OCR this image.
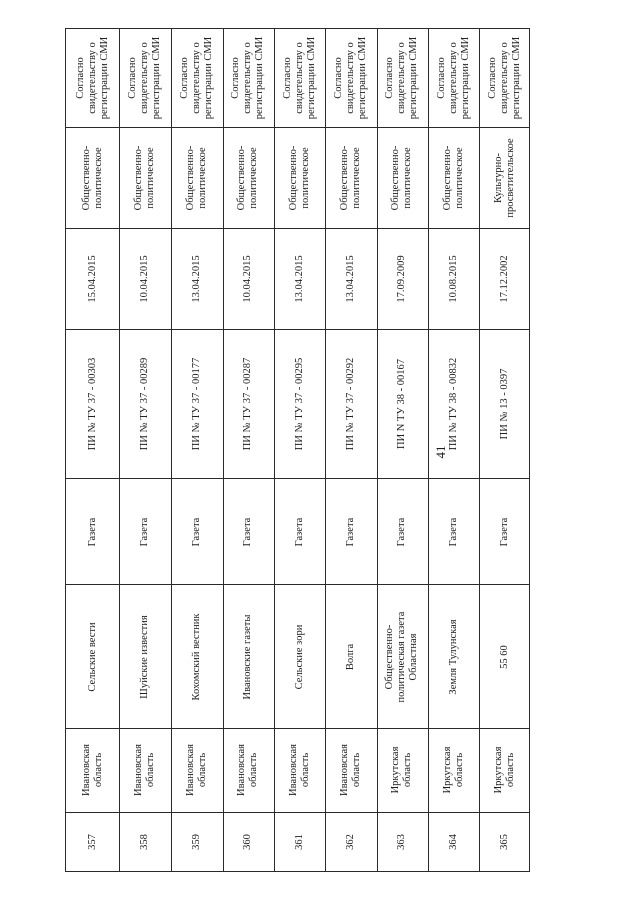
41
Согласно
свидетельству о
регистрации СМИ
Общественно-
политическое
15.04.2015
ПИ № ТУ 37 - 00303
Газета
Сельские вести
Ивановская
область
357
Согласно
свидетельству о
регистрации СМИ
Общественно-
политическое
10.04.2015
ПИ № ТУ 37 - 00289
Газета
Шуйские известия
Ивановская
область
358
Согласно
свидетельству о
регистрации СМИ
Общественно-
политическое
13.04.2015
ПИ № ТУ 37 - 00177
Газета
Кохомский вестник
Ивановская
область
359
Согласно
свидетельству о
регистрации СМИ
Общественно-
политическое
10.04.2015
ПИ № ТУ 37 - 00287
Газета
Ивановские газеты
Ивановская
область
360
Согласно
свидетельству о
регистрации СМИ
Общественно-
политическое
13.04.2015
ПИ № ТУ 37 - 00295
Газета
Сельские зори
Ивановская
область
361
Согласно
свидетельству о
регистрации СМИ
Общественно-
политическое
13.04.2015
ПИ № ТУ 37 - 00292
Газета
Волга
Ивановская
область
362
Согласно
свидетельству о
регистрации СМИ
Общественно-
политическое
17.09.2009
ПИ N ТУ 38 - 00167
Газета
Общественно-
политическая газета
Областная
Иркутская
область
363
Согласно
свидетельству о
регистрации СМИ
Общественно-
политическое
10.08.2015
ПИ № ТУ 38 - 00832
Газета
Земля Тулунская
Иркутская
область
364
Согласно
свидетельству о
регистрации СМИ
Культурно-
просветительское
17.12.2002
ПИ № 13 - 0397
Газета
55 60
Иркутская
область
365
